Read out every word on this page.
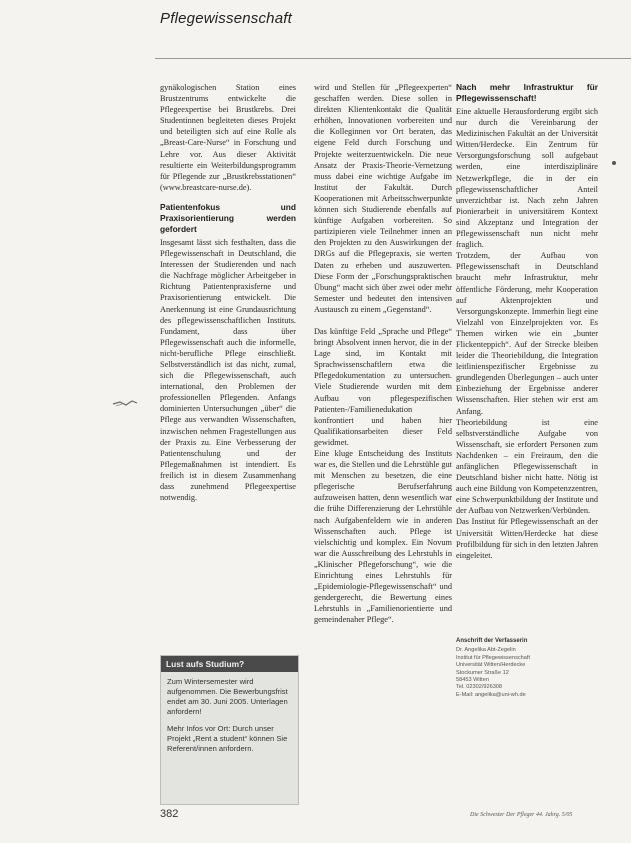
Pflegewissenschaft

gynäkologischen Station eines Brustzentrums entwickelte die Pflegeexpertise bei Brustkrebs. Drei Studentinnen begleiteten dieses Projekt und beteiligten sich auf eine Rolle als „Breast-Care-Nurse“ in Forschung und Lehre vor. Aus dieser Aktivität resultierte ein Weiterbildungsprogramm für Pflegende zur „Brustkrebsstationen“ (www.breastcare-nurse.de).

Patientenfokus und Praxisorientierung werden gefordert

Insgesamt lässt sich festhalten, dass die Pflegewissenschaft in Deutschland, die Interessen der Studierenden und nach die Nachfrage möglicher Arbeitgeber in Richtung Patientenpraxisferne und Praxisorientierung entwickelt. Die Anerkennung ist eine Grundausrichtung des pflegewissenschaftlichen Instituts. Fundament, dass über Pflegewissenschaft auch die informelle, nicht-berufliche Pflege einschließt. Selbstverständlich ist das nicht, zumal, sich die Pflegewissenschaft, auch international, den Problemen der professionellen Pflegenden. Anfangs dominierten Untersuchungen „über“ die Pflege aus verwandten Wissenschaften, inzwischen nehmen Fragestellungen aus der Praxis zu. Eine Verbesserung der Patientenschulung und der Pflegemaßnahmen ist intendiert. Es freilich ist in diesem Zusammenhang dass zunehmend Pflegeexpertise notwendig.

wird und Stellen für „Pflegeexperten“ geschaffen werden. Diese sollen in direkten Klientenkontakt die Qualität erhöhen, Innovationen vorbereiten und die Kolleginnen vor Ort beraten, das eigene Feld durch Forschung und Projekte weiterzuentwickeln. Die neue Ansatz der Praxis-Theorie-Vernetzung muss dabei eine wichtige Aufgabe im Institut der Fakultät. Durch Kooperationen mit Arbeitsschwerpunkte können sich Studierende ebenfalls auf künftige Aufgaben vorbereiten. So partizipieren viele Teilnehmer innen an den Projekten zu den Auswirkungen der DRGs auf die Pflegepraxis, sie werten Daten zu erheben und auszuwerten. Diese Form der „Forschungspraktischen Übung“ macht sich über zwei oder mehr Semester und bedeutet den intensiven Austausch zu einem „Gegenstand“.

Das künftige Feld „Sprache und Pflege“ bringt Absolvent innen hervor, die in der Lage sind, im Kontakt mit Sprachwissenschaftlern etwa die Pflegedokumentation zu untersuchen. Viele Studierende wurden mit dem Aufbau von pflegespezifischen Patienten-/Familienedukation konfrontiert und haben hier Qualifikationsarbeiten dieser Feld gewidmet.

Eine kluge Entscheidung des Instituts war es, die Stellen und die Lehrstühle gut mit Menschen zu besetzen, die eine pflegerische Berufserfahrung aufzuweisen hatten, denn wesentlich war die frühe Differenzierung der Lehrstühle nach Aufgabenfeldern wie in anderen Wissenschaften auch. Pflege ist vielschichtig und komplex. Ein Novum war die Ausschreibung des Lehrstuhls in „Klinischer Pflegeforschung“, wie die Einrichtung eines Lehrstuhls für „Epidemiologie-Pflegewissenschaft“ und gendergerecht, die Bewertung eines Lehrstuhls in „Familienorientierte und gemeindenaher Pflege“.

Nach mehr Infrastruktur für Pflegewissenschaft!

Eine aktuelle Herausforderung ergibt sich nur durch die Vereinbarung der Medizinischen Fakultät an der Universität Witten/Herdecke. Ein Zentrum für Versorgungsforschung soll aufgebaut werden, eine interdisziplinäre Netzwerkpflege, die in der ein pflegewissenschaftlicher Anteil unverzichtbar ist. Nach zehn Jahren Pionierarbeit in universitärem Kontext sind Akzeptanz und Integration der Pflegewissenschaft nun nicht mehr fraglich.

Trotzdem, der Aufbau von Pflegewissenschaft in Deutschland braucht mehr Infrastruktur, mehr öffentliche Förderung, mehr Kooperation auf Aktenprojekten und Versorgungskonzepte. Immerhin liegt eine Vielzahl von Einzelprojekten vor. Es Themen wirken wie ein „bunter Flickenteppich“. Auf der Strecke bleiben leider die Theoriebildung, die Integration leitlinienspezifischer Ergebnisse zu grundlegenden Überlegungen – auch unter Einbeziehung der Ergebnisse anderer Wissenschaften. Hier stehen wir erst am Anfang.

Theoriebildung ist eine selbstverständliche Aufgabe von Wissenschaft, sie erfordert Personen zum Nachdenken – ein Freiraum, den die anfänglichen Pflegewissenschaft in Deutschland bisher nicht hatte. Nötig ist auch eine Bildung von Kompetenzzentren, eine Schwerpunktbildung der Institute und der Aufbau von Netzwerken/Verbünden.

Das Institut für Pflegewissenschaft an der Universität Witten/Herdecke hat diese Profilbildung für sich in den letzten Jahren eingeleitet.

Lust aufs Studium?

Zum Wintersemester wird aufgenommen. Die Bewerbungsfrist endet am 30. Juni 2005. Unterlagen anfordern!

Mehr Infos vor Ort: Durch unser Projekt „Rent a student“ können Sie Referent/innen anfordern.

Anschrift der Verfasserin
Dr. Angelika Abt-Zegelin
Institut für Pflegewissenschaft
Universität Witten/Herdecke
Stockumer Straße 12
58453 Witten
Tel. 02302/926308
E-Mail: angelika@uni-wh.de
382	Die Schwester Der Pfleger 44. Jahrg. 5/05
